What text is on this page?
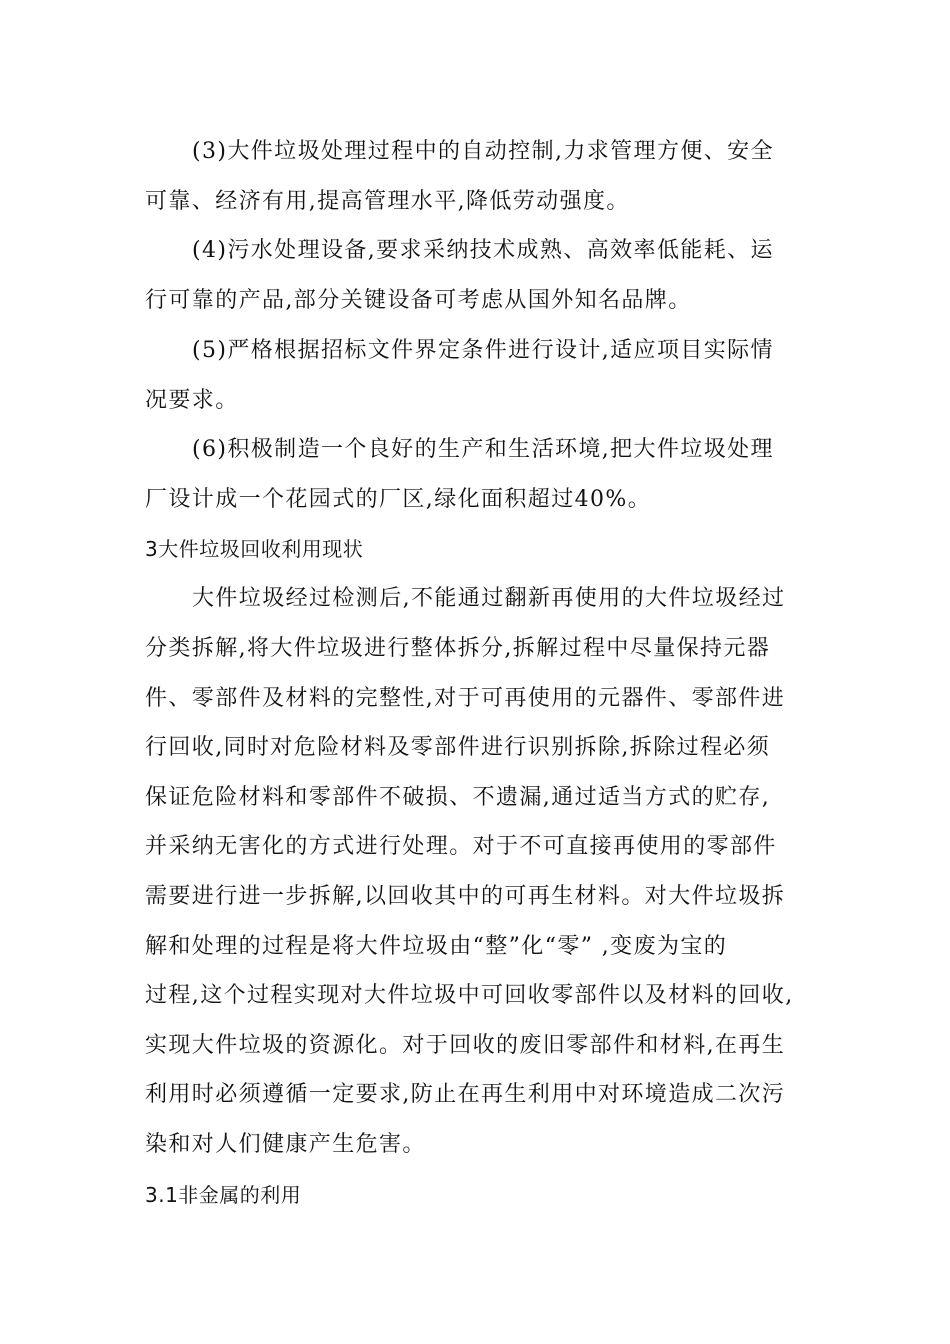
(3)大件垃圾处理过程中的自动控制,力求管理方便、安全
可靠、经济有用,提高管理水平,降低劳动强度。
(4)污水处理设备,要求采纳技术成熟、高效率低能耗、运
行可靠的产品,部分关键设备可考虑从国外知名品牌。
(5)严格根据招标文件界定条件进行设计,适应项目实际情
况要求。
(6)积极制造一个良好的生产和生活环境,把大件垃圾处理
厂设计成一个花园式的厂区,绿化面积超过40%。
3大件垃圾回收利用现状
大件垃圾经过检测后,不能通过翻新再使用的大件垃圾经过
分类拆解,将大件垃圾进行整体拆分,拆解过程中尽量保持元器
件、零部件及材料的完整性,对于可再使用的元器件、零部件进
行回收,同时对危险材料及零部件进行识别拆除,拆除过程必须
保证危险材料和零部件不破损、不遗漏,通过适当方式的贮存,
并采纳无害化的方式进行处理。对于不可直接再使用的零部件
需要进行进一步拆解,以回收其中的可再生材料。对大件垃圾拆
解和处理的过程是将大件垃圾由“整”化“零” ,变废为宝的
过程,这个过程实现对大件垃圾中可回收零部件以及材料的回收,
实现大件垃圾的资源化。对于回收的废旧零部件和材料,在再生
利用时必须遵循一定要求,防止在再生利用中对环境造成二次污
染和对人们健康产生危害。
3.1非金属的利用
